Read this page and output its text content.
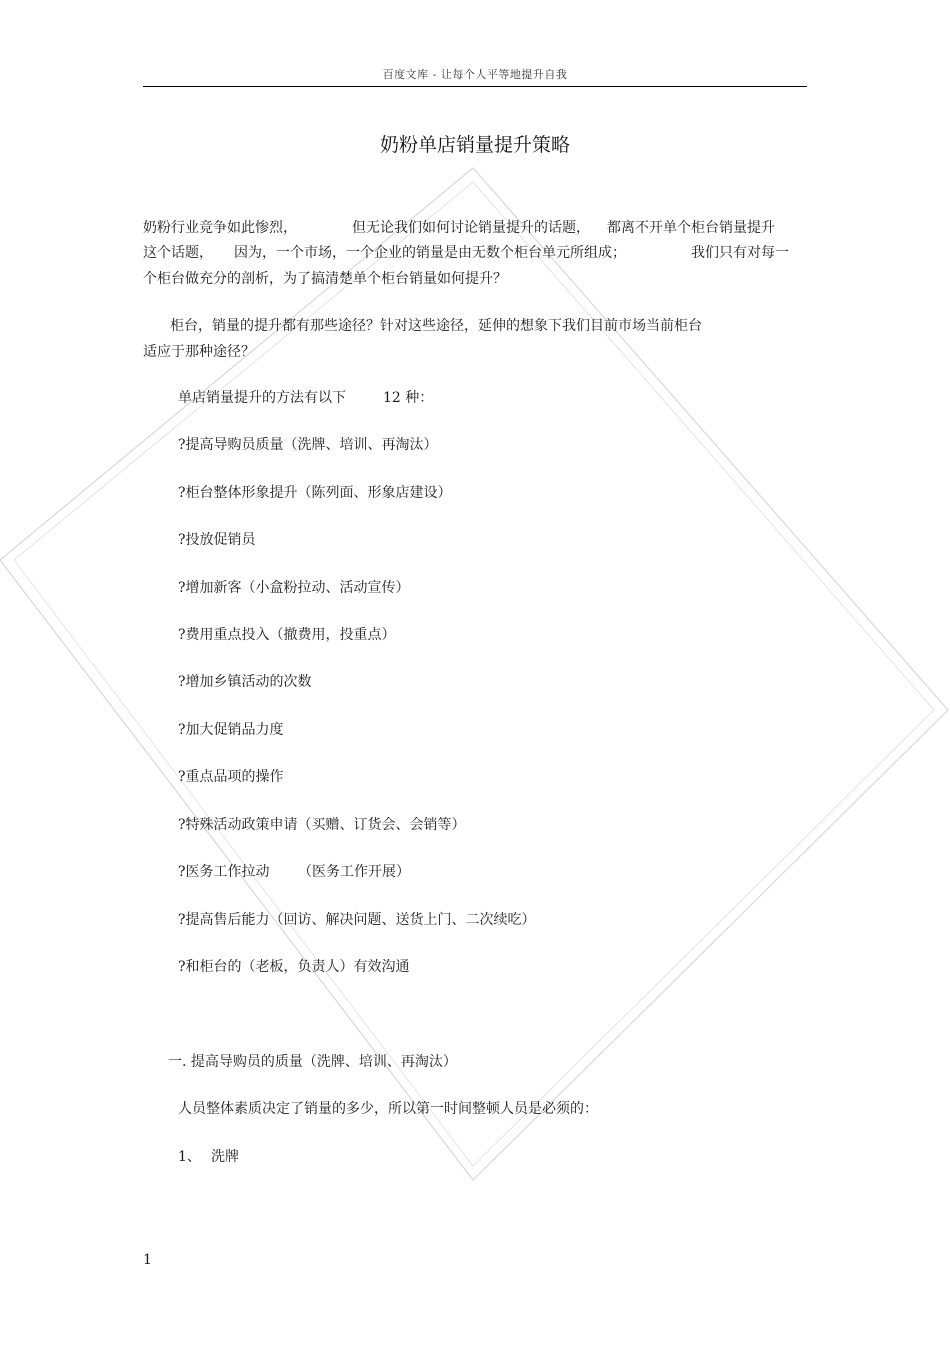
百度文库 - 让每个人平等地提升自我
奶粉单店销量提升策略
奶粉行业竞争如此惨烈，	但无论我们如何讨论销量提升的话题， 都离不开单个柜台销量提升
这个话题， 因为，一个市场，一个企业的销量是由无数个柜台单元所组成；	我们只有对每一
个柜台做充分的剖析，为了搞清楚单个柜台销量如何提升？
柜台，销量的提升都有那些途径？针对这些途径，延伸的想象下我们目前市场当前柜台
适应于那种途径？
单店销量提升的方法有以下	12 种：
?提高导购员质量（洗牌、培训、再淘汰）
?柜台整体形象提升（陈列面、形象店建设）
?投放促销员
?增加新客（小盒粉拉动、活动宣传）
?费用重点投入（撤费用，投重点）
?增加乡镇活动的次数
?加大促销品力度
?重点品项的操作
?特殊活动政策申请（买赠、订货会、会销等）
?医务工作拉动 （医务工作开展）
?提高售后能力（回访、解决问题、送货上门、二次续吃）
?和柜台的（老板，负责人）有效沟通
一. 提高导购员的质量（洗牌、培训、再淘汰）
人员整体素质决定了销量的多少，所以第一时间整顿人员是必须的：
1、 洗牌
1
